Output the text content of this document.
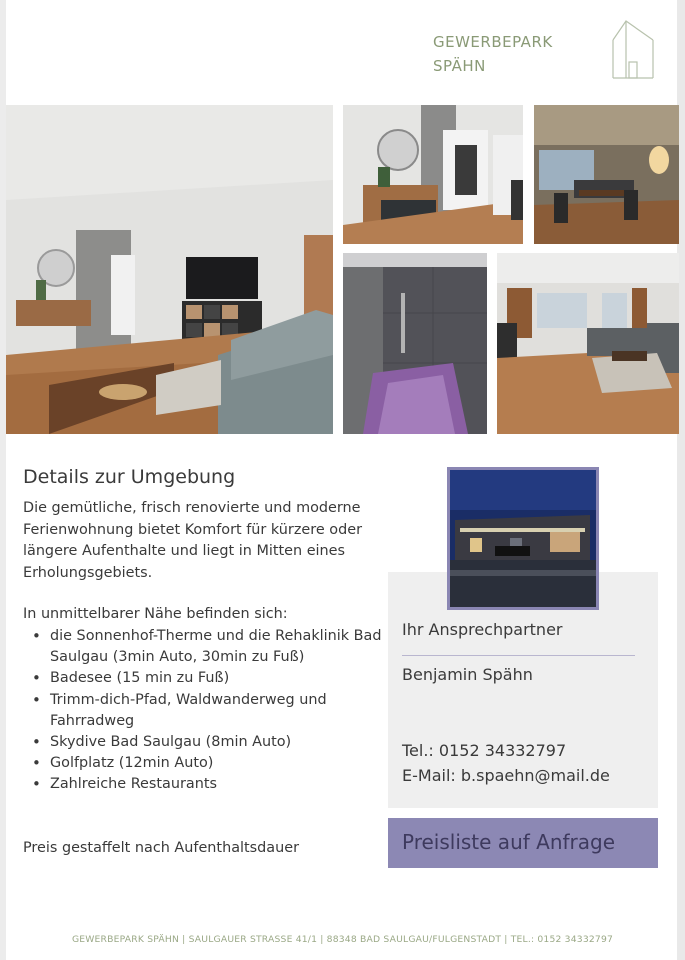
GEWERBEPARK
SPÄHN
Details zur Umgebung
Die gemütliche, frisch renovierte und moderne
Ferienwohnung bietet Komfort für kürzere oder
längere Aufenthalte und liegt in Mitten eines
Erholungsgebiets.
In unmittelbarer Nähe befinden sich:
• die Sonnenhof-Therme und die Rehaklinik Bad Saulgau (3min Auto, 30min zu Fuß)
• Badesee (15 min zu Fuß)
• Trimm-dich-Pfad, Waldwanderweg und Fahrradweg
• Skydive Bad Saulgau (8min Auto)
• Golfplatz (12min Auto)
• Zahlreiche Restaurants
Preis gestaffelt nach Aufenthaltsdauer
Ihr Ansprechpartner
Benjamin Spähn
Tel.: 0152 34332797
E-Mail: b.spaehn@mail.de
Preisliste auf Anfrage
GEWERBEPARK SPÄHN | SAULGAUER STRASSE 41/1 | 88348 BAD SAULGAU/FULGENSTADT | TEL.: 0152 34332797
